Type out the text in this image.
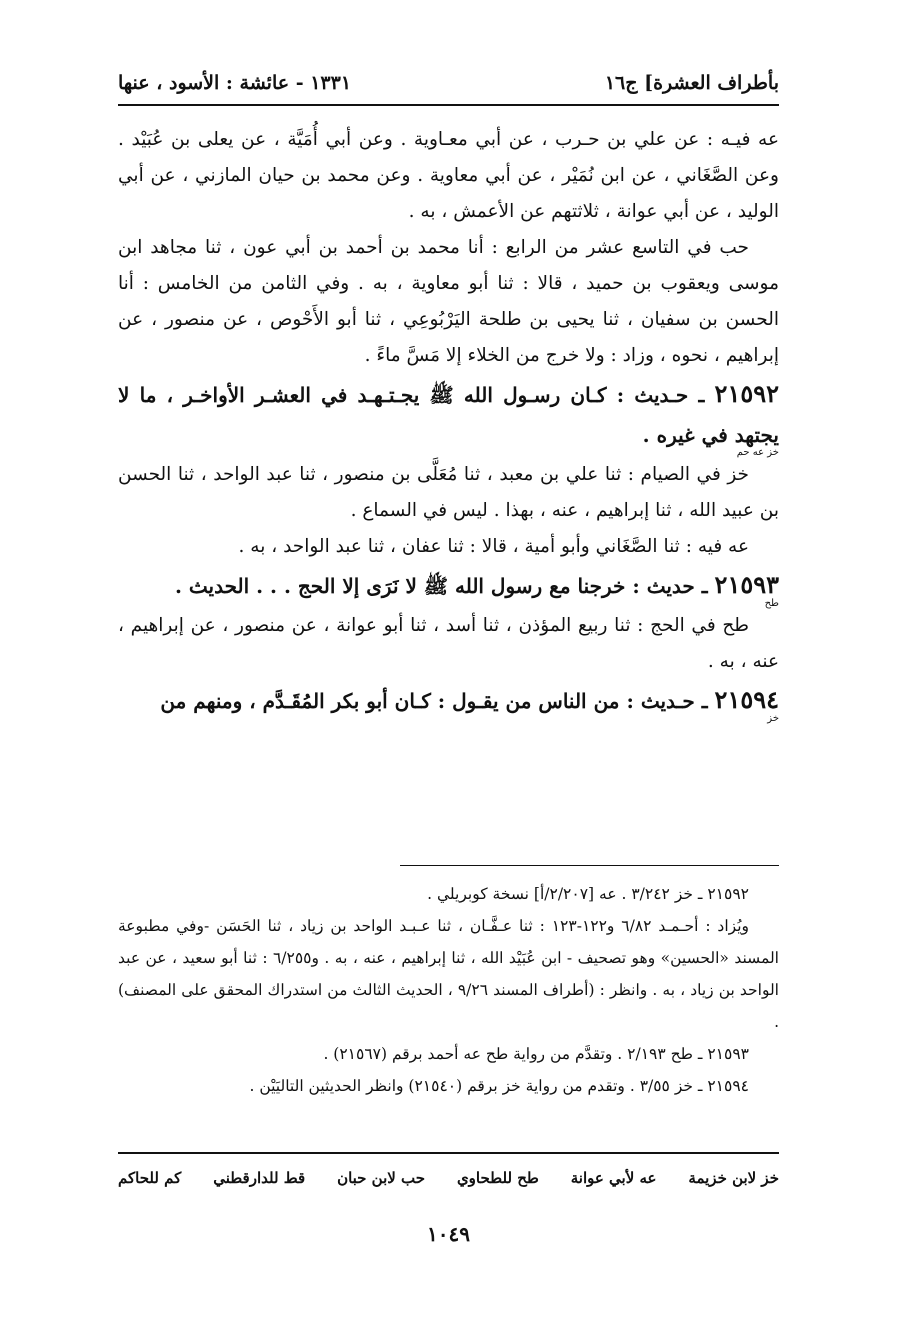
بأطراف العشرة] ج١٦
١٣٣١ - عائشة : الأسود ، عنها

عه فيـه : عن علي بن حـرب ، عن أبي معـاوية . وعن أبي أُمَيَّة ، عن يعلى بن عُبَيْد . وعن الصَّغَاني ، عن ابن نُمَيْر ، عن أبي معاوية . وعن محمد بن حيان المازني ، عن أبي الوليد ، عن أبي عوانة ، ثلاثتهم عن الأعمش ، به .

حب في التاسع عشر من الرابع : أنا محمد بن أحمد بن أبي عون ، ثنا مجاهد ابن موسى ويعقوب بن حميد ، قالا : ثنا أبو معاوية ، به . وفي الثامن من الخامس : أنا الحسن بن سفيان ، ثنا يحيى بن طلحة اليَرْبُوعِي ، ثنا أبو الأَحْوص ، عن منصور ، عن إبراهيم ، نحوه ، وزاد : ولا خرج من الخلاء إلا مَسَّ ماءً .

٢١٥٩٢ ـ حـديث : كـان رسـول الله ﷺ يجـتـهـد في العشـر الأواخـر ، ما لا يجتهد في غيره .
خز عه حم

خز في الصيام : ثنا علي بن معبد ، ثنا مُعَلَّى بن منصور ، ثنا عبد الواحد ، ثنا الحسن بن عبيد الله ، ثنا إبراهيم ، عنه ، بهذا . ليس في السماع .

عه فيه : ثنا الصَّغَاني وأبو أمية ، قالا : ثنا عفان ، ثنا عبد الواحد ، به .

٢١٥٩٣ ـ حديث : خرجنا مع رسول الله ﷺ لا نَرَى إلا الحج . . . الحديث .
طح

طح في الحج : ثنا ربيع المؤذن ، ثنا أسد ، ثنا أبو عوانة ، عن منصور ، عن إبراهيم ، عنه ، به .

٢١٥٩٤ ـ حـديث : من الناس من يقـول : كـان أبو بكر المُقَـدَّم ، ومنهم من
خز

٢١٥٩٢ ـ خز ٣/٢٤٢ . عه [٢/٢٠٧/أ] نسخة كوبريلي .

ويُزاد : أحـمـد ٦/٨٢ و١٢٢-١٢٣ : ثنا عـفَّـان ، ثنا عـبـد الواحد بن زياد ، ثنا الحَسَن -وفي مطبوعة المسند «الحسين» وهو تصحيف - ابن عُبَيْد الله ، ثنا إبراهيم ، عنه ، به . و٦/٢٥٥ : ثنا أبو سعيد ، عن عبد الواحد بن زياد ، به . وانظر : (أطراف المسند ٩/٢٦ ، الحديث الثالث من استدراك المحقق على المصنف) .

٢١٥٩٣ ـ طح ٢/١٩٣ . وتقدَّم من رواية طح عه أحمد برقم (٢١٥٦٧) .

٢١٥٩٤ ـ خز ٣/٥٥ . وتقدم من رواية خز برقم (٢١٥٤٠) وانظر الحديثين التاليَيْن .

خز لابن خزيمة
عه لأبي عوانة
طح للطحاوي
حب لابن حبان
قط للدارقطني
كم للحاكم
١٠٤٩
